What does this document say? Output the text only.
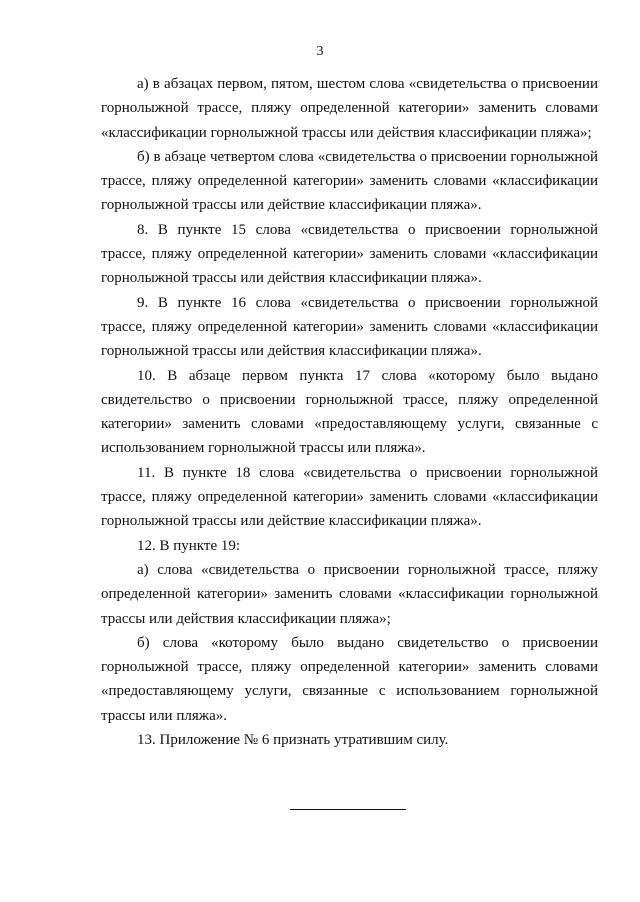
3

а) в абзацах первом, пятом, шестом слова «свидетельства о присвоении горнолыжной трассе, пляжу определенной категории» заменить словами «классификации горнолыжной трассы или действия классификации пляжа»;

б) в абзаце четвертом слова «свидетельства о присвоении горнолыжной трассе, пляжу определенной категории» заменить словами «классификации горнолыжной трассы или действие классификации пляжа».

8. В пункте 15 слова «свидетельства о присвоении горнолыжной трассе, пляжу определенной категории» заменить словами «классификации горнолыжной трассы или действия классификации пляжа».

9. В пункте 16 слова «свидетельства о присвоении горнолыжной трассе, пляжу определенной категории» заменить словами «классификации горнолыжной трассы или действия классификации пляжа».

10. В абзаце первом пункта 17 слова «которому было выдано свидетельство о присвоении горнолыжной трассе, пляжу определенной категории» заменить словами «предоставляющему услуги, связанные с использованием горнолыжной трассы или пляжа».

11. В пункте 18 слова «свидетельства о присвоении горнолыжной трассе, пляжу определенной категории» заменить словами «классификации горнолыжной трассы или действие классификации пляжа».

12. В пункте 19:

а) слова «свидетельства о присвоении горнолыжной трассе, пляжу определенной категории» заменить словами «классификации горнолыжной трассы или действия классификации пляжа»;

б) слова «которому было выдано свидетельство о присвоении горнолыжной трассе, пляжу определенной категории» заменить словами «предоставляющему услуги, связанные с использованием горнолыжной трассы или пляжа».

13. Приложение № 6 признать утратившим силу.
